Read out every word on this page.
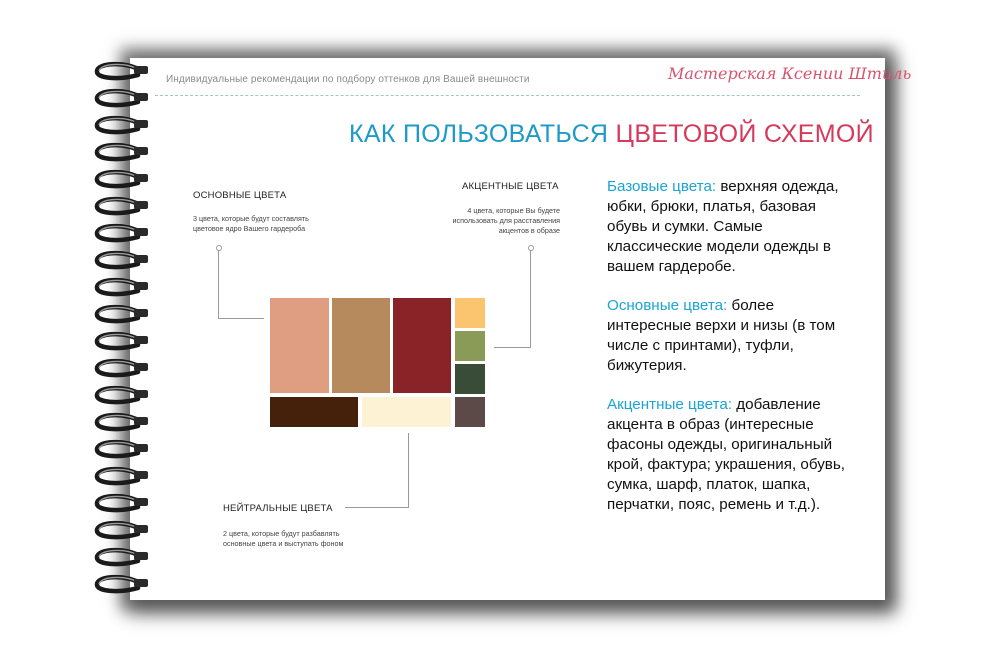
Индивидуальные рекомендации по подбору оттенков для Вашей внешности	Мастерская Ксении Штиль
КАК ПОЛЬЗОВАТЬСЯ ЦВЕТОВОЙ СХЕМОЙ
ОСНОВНЫЕ ЦВЕТА
3 цвета, которые будут составлять
цветовое ядро Вашего гардероба
АКЦЕНТНЫЕ ЦВЕТА
4 цвета, которые Вы будете
использовать для расставления
акцентов в образе
НЕЙТРАЛЬНЫЕ ЦВЕТА
2 цвета, которые будут разбавлять
основные цвета и выступать фоном

Базовые цвета: верхняя одежда, юбки, брюки, платья, базовая обувь и сумки. Самые классические модели одежды в вашем гардеробе.

Основные цвета: более интересные верхи и низы (в том числе с принтами), туфли, бижутерия.

Акцентные цвета: добавление акцента в образ (интересные фасоны одежды, оригинальный крой, фактура; украшения, обувь, сумка, шарф, платок, шапка, перчатки, пояс, ремень и т.д.).
